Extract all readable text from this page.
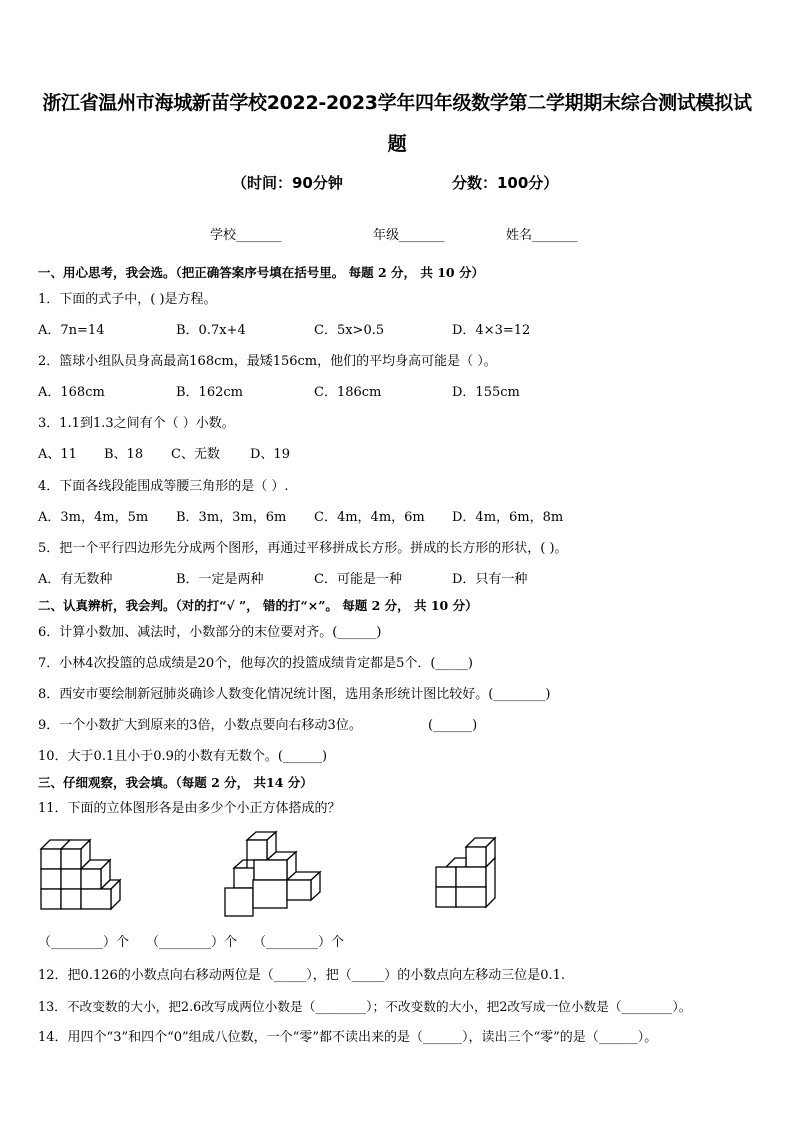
浙江省温州市海城新苗学校2022-2023学年四年级数学第二学期期末综合测试模拟试
题
（时间：90分钟	分数：100分）
学校_______	年级_______	姓名_______
一、用心思考，我会选。（把正确答案序号填在括号里。 每题 2 分， 共 10 分）
1．下面的式子中，( )是方程。
A．7n=14	B．0.7x+4	C．5x>0.5	D．4×3=12
2．篮球小组队员身高最高168cm，最矮156cm，他们的平均身高可能是（ ）。
A．168cm	B．162cm	C．186cm	D．155cm
3．1.1到1.3之间有个（ ）小数。
A、11 B、18 C、无数 D、19
4．下面各线段能围成等腰三角形的是（ ）.
A．3m，4m，5m B．3m，3m，6m C．4m，4m，6m D．4m，6m，8m
5．把一个平行四边形先分成两个图形，再通过平移拼成长方形。拼成的长方形的形状，( )。
A．有无数种	B．一定是两种	C．可能是一种	D．只有一种
二、认真辨析，我会判。（对的打“√ ”， 错的打“×”。 每题 2 分， 共 10 分）
6．计算小数加、减法时，小数部分的末位要对齐。(______)
7．小林4次投篮的总成绩是20个，他每次的投篮成绩肯定都是5个．(_____)
8．西安市要绘制新冠肺炎确诊人数变化情况统计图，选用条形统计图比较好。(________)
9．一个小数扩大到原来的3倍，小数点要向右移动3位。	(______)
10．大于0.1且小于0.9的小数有无数个。(______)
三、仔细观察，我会填。（每题 2 分， 共14 分）
11．下面的立体图形各是由多少个小正方体搭成的？
（________）个 （________）个 （________）个
12．把0.126的小数点向右移动两位是（_____），把（_____）的小数点向左移动三位是0.1.
13．不改变数的大小，把2.6改写成两位小数是（________）；不改变数的大小，把2改写成一位小数是（________）。
14．用四个“3”和四个“0”组成八位数，一个“零”都不读出来的是（______），读出三个“零”的是（______）。
